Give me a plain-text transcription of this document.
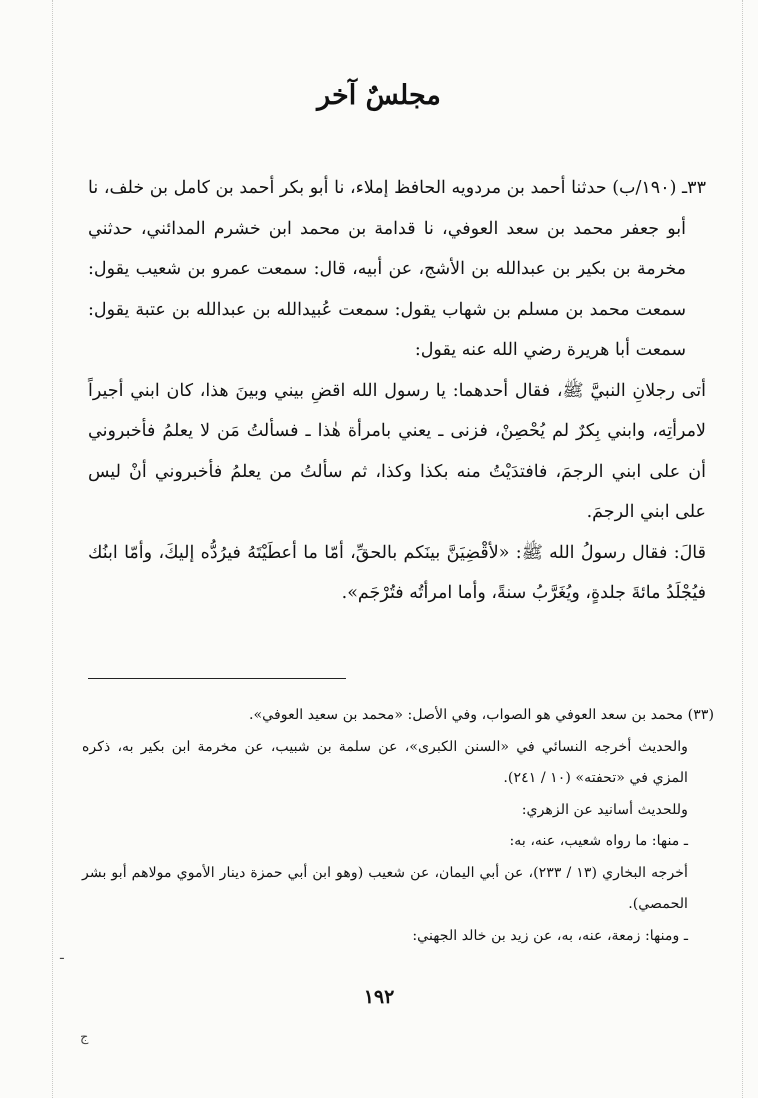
مجلسٌ آخر

٣٣ـ (١٩٠/ب) حدثنا أحمد بن مردويه الحافظ إملاء، نا أبو بكر أحمد بن كامل بن خلف، نا أبو جعفر محمد بن سعد العوفي، نا قدامة بن محمد ابن خشرم المدائني، حدثني مخرمة بن بكير بن عبدالله بن الأشج، عن أبيه، قال: سمعت عمرو بن شعيب يقول: سمعت محمد بن مسلم بن شهاب يقول: سمعت عُبيدالله بن عبدالله بن عتبة يقول: سمعت أبا هريرة رضي الله عنه يقول:

أتى رجلانِ النبيَّ ﷺ، فقال أحدهما: يا رسول الله اقضِ بيني وبينَ هذا، كان ابني أجيراً لامرأتِه، وابني بِكرٌ لم يُحْصِنْ، فزنى ـ يعني بامرأة هٰذا ـ فسألتُ مَن لا يعلمُ فأخبروني أن على ابني الرجمَ، فافتدَيْتُ منه بكذا وكذا، ثم سألتُ من يعلمُ فأخبروني أنْ ليس على ابني الرجمَ.

قالَ: فقال رسولُ الله ﷺ: «لأقْضِيَنَّ بينَكم بالحقِّ، أمّا ما أعطَيْتَهُ فيرُدُّه إليكَ، وأمّا ابنُك فيُجْلَدُ مائةَ جلدةٍ، ويُغَرَّبُ سنةً، وأما امرأتُه فتُرْجَم».

(٣٣) محمد بن سعد العوفي هو الصواب، وفي الأصل: «محمد بن سعيد العوفي».

والحديث أخرجه النسائي في «السنن الكبرى»، عن سلمة بن شبيب، عن مخرمة ابن بكير به، ذكره المزي في «تحفته» (١٠ / ٢٤١).

وللحديث أسانيد عن الزهري:

ـ منها: ما رواه شعيب، عنه، به:

أخرجه البخاري (١٣ / ٢٣٣)، عن أبي اليمان، عن شعيب (وهو ابن أبي حمزة دينار الأموي مولاهم أبو بشر الحمصي).

ـ ومنها: زمعة، عنه، به، عن زيد بن خالد الجهني:

١٩٢
ـ
ج
